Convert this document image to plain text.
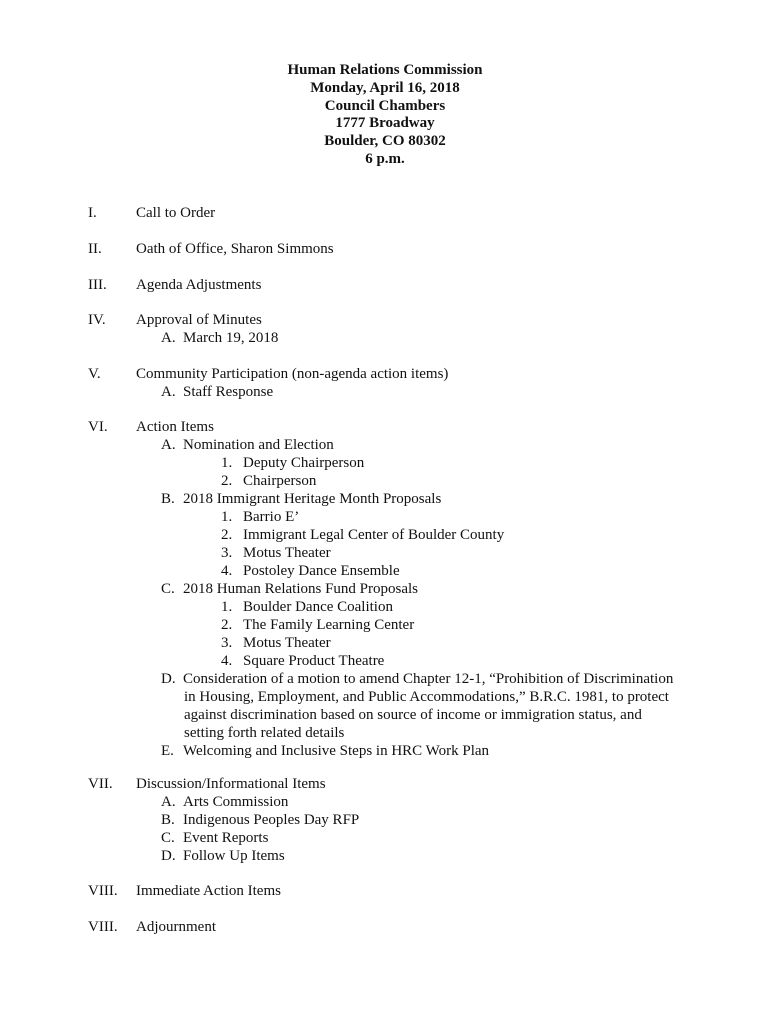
Human Relations Commission
Monday, April 16, 2018
Council Chambers
1777 Broadway
Boulder, CO 80302
6 p.m.
I.	Call to Order
II. Oath of Office, Sharon Simmons
III. Agenda Adjustments
IV. Approval of Minutes
A. March 19, 2018
V. Community Participation (non-agenda action items)
A. Staff Response
VI. Action Items
A. Nomination and Election
1. Deputy Chairperson
2. Chairperson
B. 2018 Immigrant Heritage Month Proposals
1. Barrio E’
2. Immigrant Legal Center of Boulder County
3. Motus Theater
4. Postoley Dance Ensemble
C. 2018 Human Relations Fund Proposals
1. Boulder Dance Coalition
2. The Family Learning Center
3. Motus Theater
4. Square Product Theatre
D. Consideration of a motion to amend Chapter 12-1, “Prohibition of Discrimination
in Housing, Employment, and Public Accommodations,” B.R.C. 1981, to protect
against discrimination based on source of income or immigration status, and
setting forth related details
E. Welcoming and Inclusive Steps in HRC Work Plan
VII. Discussion/Informational Items
A. Arts Commission
B. Indigenous Peoples Day RFP
C. Event Reports
D. Follow Up Items
VIII. Immediate Action Items
VIII. Adjournment
